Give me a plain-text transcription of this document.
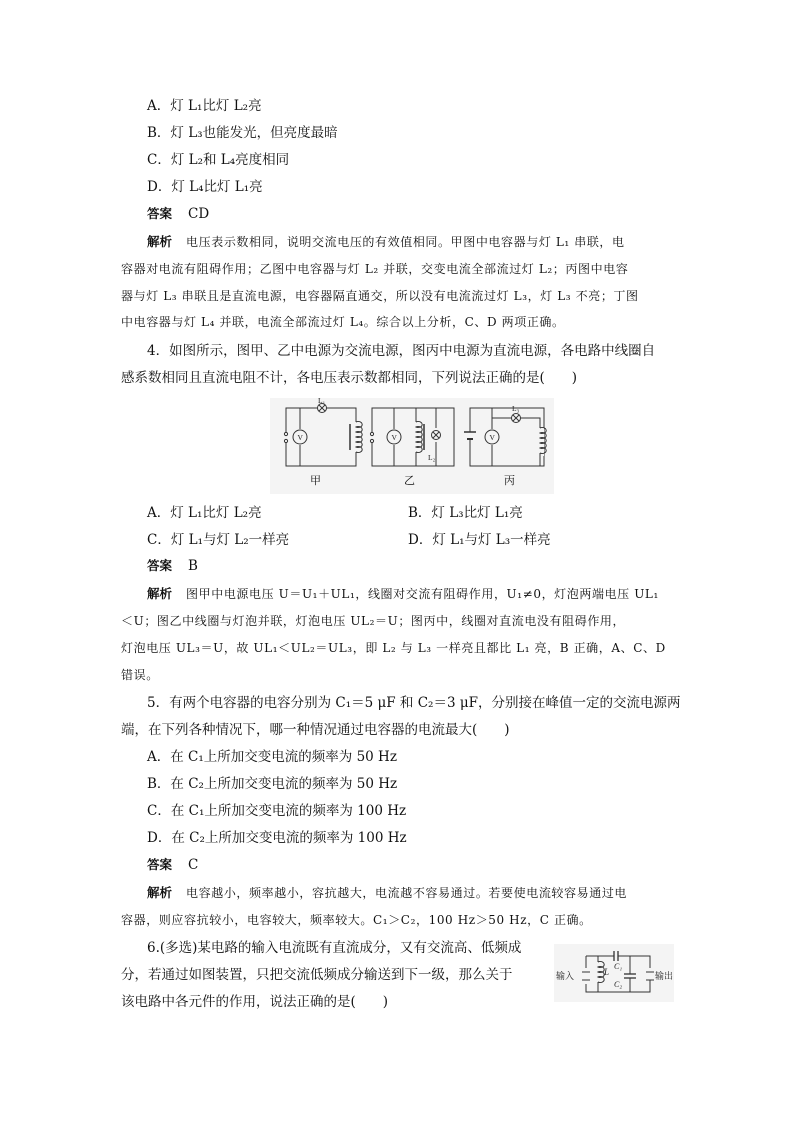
A．灯 L₁比灯 L₂亮
B．灯 L₃也能发光，但亮度最暗
C．灯 L₂和 L₄亮度相同
D．灯 L₄比灯 L₁亮
答案 CD
解析 电压表示数相同，说明交流电压的有效值相同。甲图中电容器与灯 L₁ 串联，电
容器对电流有阻碍作用；乙图中电容器与灯 L₂ 并联，交变电流全部流过灯 L₂；丙图中电容
器与灯 L₃ 串联且是直流电源，电容器隔直通交，所以没有电流流过灯 L₃，灯 L₃ 不亮；丁图
中电容器与灯 L₄ 并联，电流全部流过灯 L₄。综合以上分析，C、D 两项正确。
4．如图所示，图甲、乙中电源为交流电源，图丙中电源为直流电源，各电路中线圈自
感系数相同且直流电阻不计，各电压表示数都相同，下列说法正确的是(　　)
L₁
L₂
L₃
V	V	V
甲	乙	丙
A．灯 L₁比灯 L₂亮	B．灯 L₃比灯 L₁亮
C．灯 L₁与灯 L₂一样亮	D．灯 L₁与灯 L₃一样亮
答案 B
解析 图甲中电源电压 U＝U₁＋UL₁，线圈对交流有阻碍作用，U₁≠0，灯泡两端电压 UL₁
＜U；图乙中线圈与灯泡并联，灯泡电压 UL₂＝U；图丙中，线圈对直流电没有阻碍作用，
灯泡电压 UL₃＝U，故 UL₁＜UL₂＝UL₃，即 L₂ 与 L₃ 一样亮且都比 L₁ 亮，B 正确，A、C、D
错误。
5．有两个电容器的电容分别为 C₁＝5 μF 和 C₂＝3 μF，分别接在峰值一定的交流电源两
端，在下列各种情况下，哪一种情况通过电容器的电流最大(　　)
A．在 C₁上所加交变电流的频率为 50 Hz
B．在 C₂上所加交变电流的频率为 50 Hz
C．在 C₁上所加交变电流的频率为 100 Hz
D．在 C₂上所加交变电流的频率为 100 Hz
答案 C
解析 电容越小，频率越小，容抗越大，电流越不容易通过。若要使电流较容易通过电
容器，则应容抗较小，电容较大，频率较大。C₁＞C₂，100 Hz＞50 Hz，C 正确。
6.(多选)某电路的输入电流既有直流成分，又有交流高、低频成
分，若通过如图装置，只把交流低频成分输送到下一级，那么关于
该电路中各元件的作用，说法正确的是(　　)
输入	输出
L
C₁
C₂
